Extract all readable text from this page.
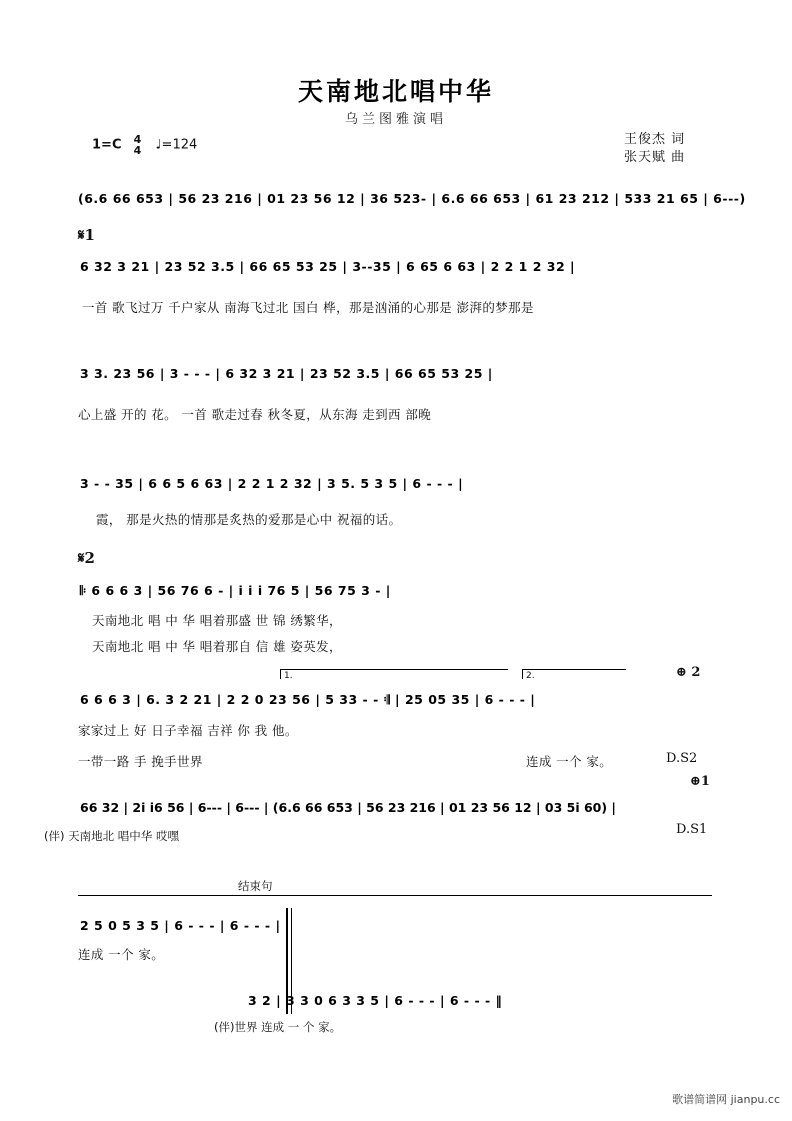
天南地北唱中华
乌兰图雅演唱
1=C 4
4 ♩=124	王俊杰 词
张天赋 曲
(6.6 66 653 | 56 23 216 | 01 23 56 12 | 36 523- | 6.6 66 653 | 61 23 212 | 533 21 65 | 6---)
𝄋1
6 32 3 21 | 23 52 3.5 | 66 65 53 25 | 3--35 | 6 65 6 63 | 2 2 1 2 32 |
一首 歌飞过万 千户家从 南海飞过北 国白 桦，那是汹涌的心那是 澎湃的梦那是
3 3. 23 56 | 3 - - - | 6 32 3 21 | 23 52 3.5 | 66 65 53 25 |
心上盛 开的 花。 一首 歌走过春 秋冬夏，从东海 走到西 部晚
3 - - 35 | 6 6 5 6 63 | 2 2 1 2 32 | 3 5. 5 3 5 | 6 - - - |
霞， 那是火热的情那是炙热的爱那是心中 祝福的话。
𝄋2
𝄆 6 6 6 3 | 56 76 6 - | i i i 76 5 | 56 75 3 - |
天南地北 唱 中 华 唱着那盛 世 锦 绣繁华，
天南地北 唱 中 华 唱着那自 信 雄 姿英发，
1.	2.	⊕ 2
6 6 6 3 | 6. 3 2 21 | 2 2 0 23 56 | 5 33 - - 𝄇 | 25 05 35 | 6 - - - |
家家过上 好 日子幸福 吉祥 你 我 他。
一带一路 手 挽手世界	连成 一个 家。	D.S2
⊕1
66 32 | 2i i6 56 | 6--- | 6--- | (6.6 66 653 | 56 23 216 | 01 23 56 12 | 03 5i 60) |
(伴) 天南地北 唱中华 哎嘿	D.S1
结束句
2 5 0 5 3 5 | 6 - - - | 6 - - - |
连成 一个 家。
3 2 | 3 3 0 6 3 3 5 | 6 - - - | 6 - - - ‖
(伴)世界 连成 一 个 家。
歌谱简谱网 jianpu.cc
